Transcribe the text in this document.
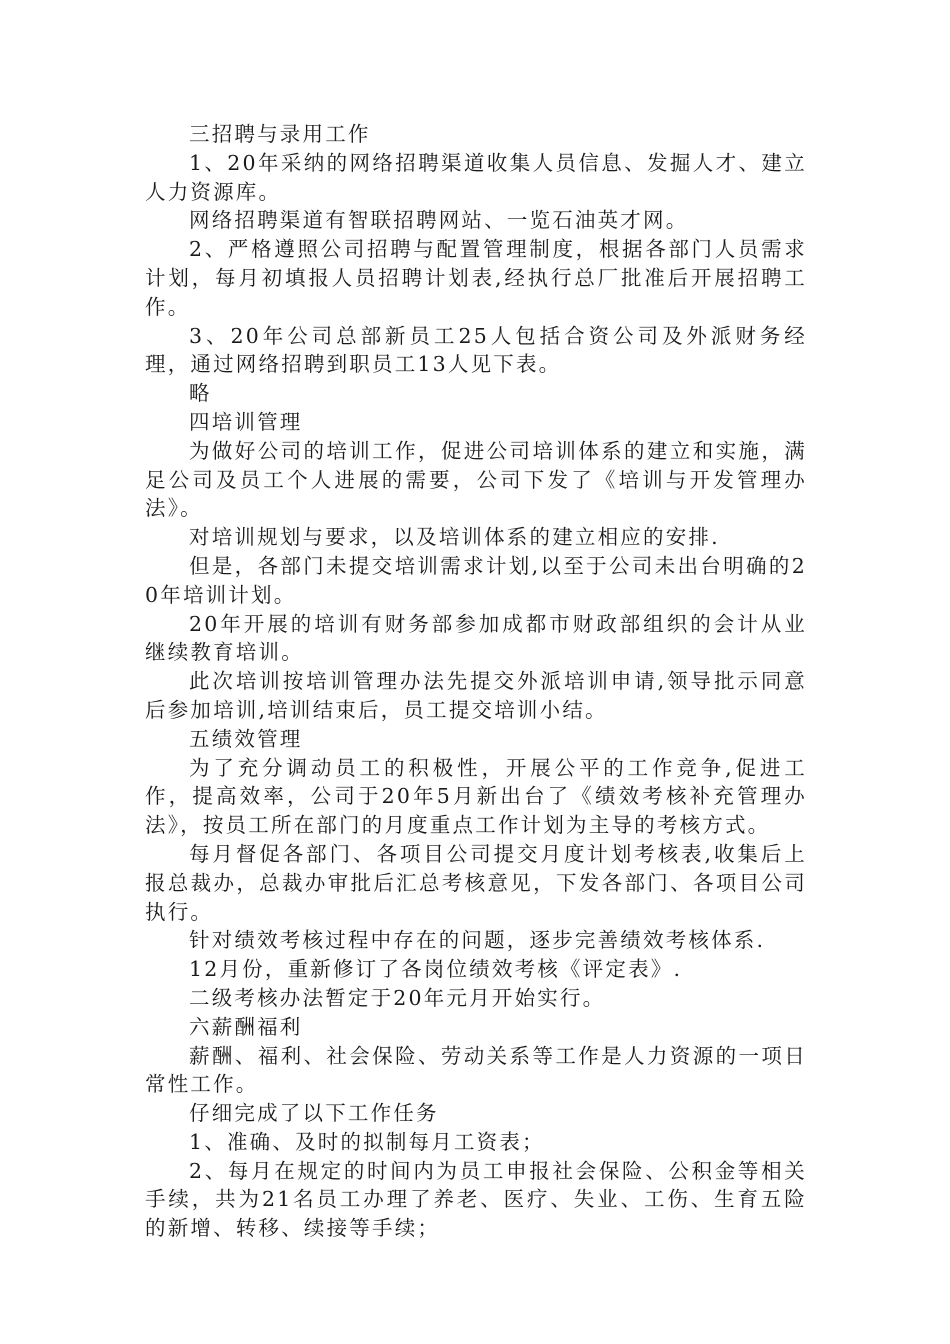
三招聘与录用工作

1、20年采纳的网络招聘渠道收集人员信息、发掘人才、建立人力资源库。

网络招聘渠道有智联招聘网站、一览石油英才网。

2、严格遵照公司招聘与配置管理制度，根据各部门人员需求计划，每月初填报人员招聘计划表,经执行总厂批准后开展招聘工作。

3、20年公司总部新员工25人包括合资公司及外派财务经理，通过网络招聘到职员工13人见下表。

略

四培训管理

为做好公司的培训工作，促进公司培训体系的建立和实施，满足公司及员工个人进展的需要，公司下发了《培训与开发管理办法》。

对培训规划与要求，以及培训体系的建立相应的安排.

但是，各部门未提交培训需求计划,以至于公司未出台明确的20年培训计划。

20年开展的培训有财务部参加成都市财政部组织的会计从业继续教育培训。

此次培训按培训管理办法先提交外派培训申请,领导批示同意后参加培训,培训结束后，员工提交培训小结。

五绩效管理

为了充分调动员工的积极性，开展公平的工作竞争,促进工作，提高效率，公司于20年5月新出台了《绩效考核补充管理办法》，按员工所在部门的月度重点工作计划为主导的考核方式。

每月督促各部门、各项目公司提交月度计划考核表,收集后上报总裁办，总裁办审批后汇总考核意见，下发各部门、各项目公司执行。

针对绩效考核过程中存在的问题，逐步完善绩效考核体系.

12月份，重新修订了各岗位绩效考核《评定表》.

二级考核办法暂定于20年元月开始实行。

六薪酬福利

薪酬、福利、社会保险、劳动关系等工作是人力资源的一项日常性工作。

仔细完成了以下工作任务

1、准确、及时的拟制每月工资表；

2、每月在规定的时间内为员工申报社会保险、公积金等相关手续，共为21名员工办理了养老、医疗、失业、工伤、生育五险的新增、转移、续接等手续；
